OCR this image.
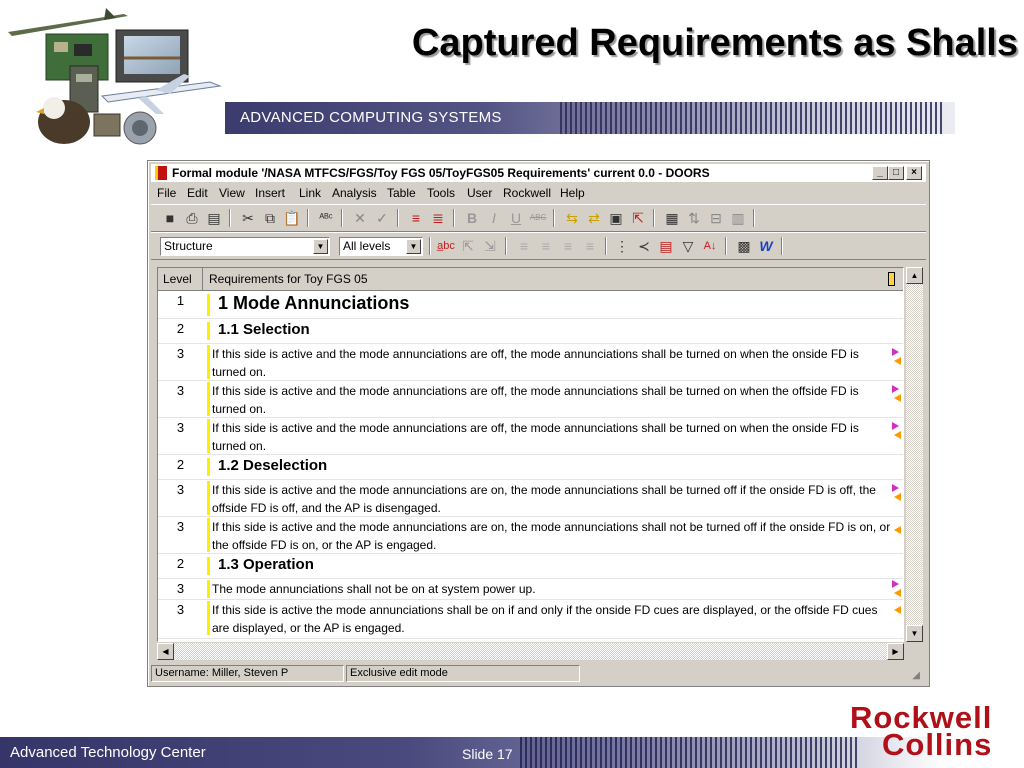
Captured Requirements as Shalls
ADVANCED COMPUTING SYSTEMS
Formal module '/NASA MTFCS/FGS/Toy FGS 05/ToyFGS05 Requirements' current 0.0 - DOORS	_	□	×
File Edit View Insert Link Analysis Table Tools User Rockwell Help
■ ⎙ ▤ ✂ ⧉ 📋 ᴬᴮᶜ ✕ ✓	≡ ≣ B	I	U	ABC ⇆ ⇄ ▣ ⇱ ▦ ⇅ ⊟ ▥
Structure	▼	All levels	▼	a̲bc ⇱ ⇲	≡ ≡ ≡ ≡	⋮ ≺ ▤ ▽ A↓ ▩ W
Level	Requirements for Toy FGS 05
1	1 Mode Annunciations
2	1.1 Selection
3	If this side is active and the mode annunciations are off, the mode annunciations shall be turned on when the onside FD is turned on.
3	If this side is active and the mode annunciations are off, the mode annunciations shall be turned on when the offside FD is turned on.
3	If this side is active and the mode annunciations are off, the mode annunciations shall be turned on when the onside FD is turned on.
2	1.2 Deselection
3	If this side is active and the mode annunciations are on, the mode annunciations shall be turned off if the onside FD is off, the offside FD is off, and the AP is disengaged.
3	If this side is active and the mode annunciations are on, the mode annunciations shall not be turned off if the onside FD is on, or the offside FD is on, or the AP is engaged.
2	1.3 Operation
3	The mode annunciations shall not be on at system power up.
3	If this side is active the mode annunciations shall be on if and only if the onside FD cues are displayed, or the offside FD cues are displayed, or the AP is engaged.
▲
▼
◀	▶
Username: Miller, Steven P	Exclusive edit mode	◢
Advanced Technology Center	Slide 17
Rockwell
Collins
